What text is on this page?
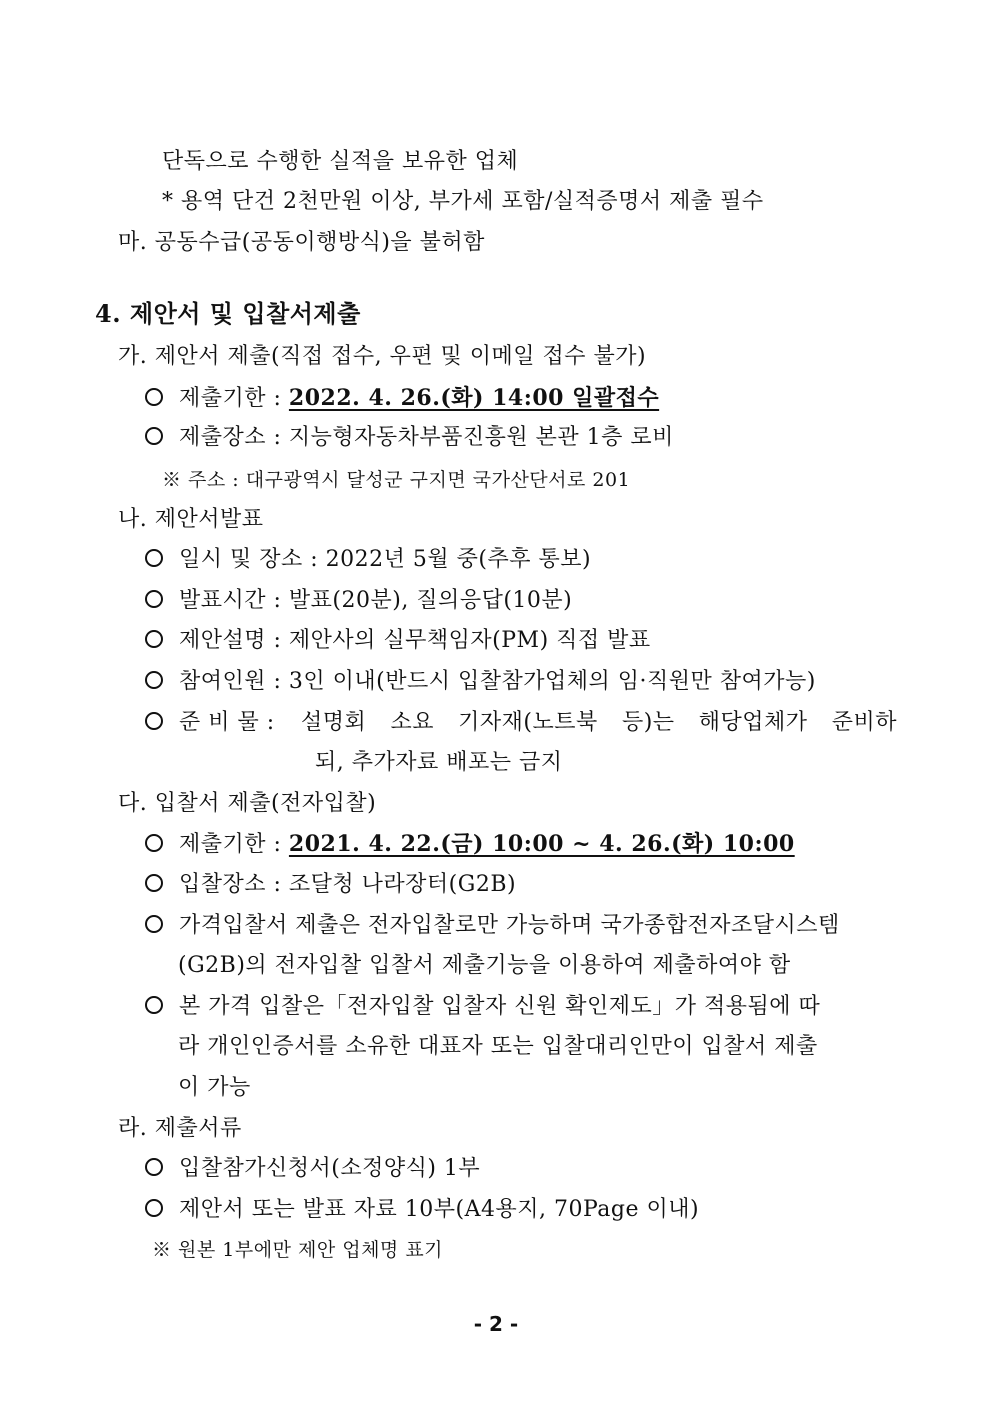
단독으로 수행한 실적을 보유한 업체
* 용역 단건 2천만원 이상, 부가세 포함/실적증명서 제출 필수
마. 공동수급(공동이행방식)을 불허함
4. 제안서 및 입찰서제출
가. 제안서 제출(직접 접수, 우편 및 이메일 접수 불가)
제출기한 : 2022. 4. 26.(화) 14:00 일괄접수
제출장소 : 지능형자동차부품진흥원 본관 1층 로비
※ 주소 : 대구광역시 달성군 구지면 국가산단서로 201
나. 제안서발표
일시 및 장소 : 2022년 5월 중(추후 통보)
발표시간 : 발표(20분), 질의응답(10분)
제안설명 : 제안사의 실무책임자(PM) 직접 발표
참여인원 : 3인 이내(반드시 입찰참가업체의 임·직원만 참여가능)
준 비 물 : 설명회 소요 기자재(노트북 등)는 해당업체가 준비하
되, 추가자료 배포는 금지
다. 입찰서 제출(전자입찰)
제출기한 : 2021. 4. 22.(금) 10:00 ~ 4. 26.(화) 10:00
입찰장소 : 조달청 나라장터(G2B)
가격입찰서 제출은 전자입찰로만 가능하며 국가종합전자조달시스템
(G2B)의 전자입찰 입찰서 제출기능을 이용하여 제출하여야 함
본 가격 입찰은「전자입찰 입찰자 신원 확인제도」가 적용됨에 따
라 개인인증서를 소유한 대표자 또는 입찰대리인만이 입찰서 제출
이 가능
라. 제출서류
입찰참가신청서(소정양식) 1부
제안서 또는 발표 자료 10부(A4용지, 70Page 이내)
※ 원본 1부에만 제안 업체명 표기
- 2 -
